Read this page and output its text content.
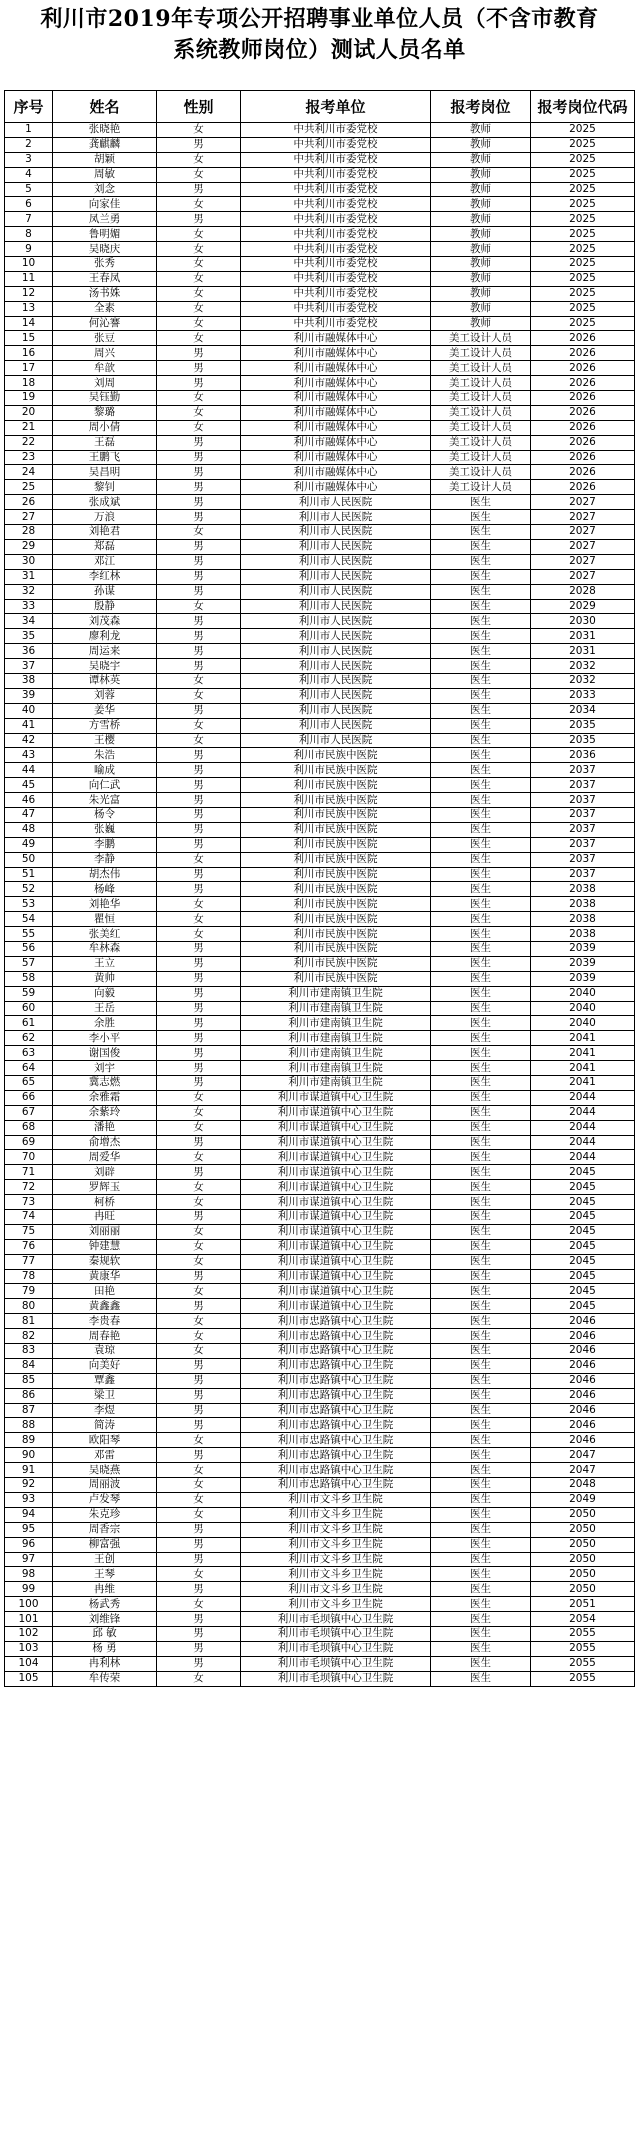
利川市2019年专项公开招聘事业单位人员（不含市教育
系统教师岗位）测试人员名单
序号	姓名	性别	报考单位	报考岗位	报考岗位代码
1	张晓艳	女	中共利川市委党校	教师	2025
2	龚麒麟	男	中共利川市委党校	教师	2025
3	胡颖	女	中共利川市委党校	教师	2025
4	周敏	女	中共利川市委党校	教师	2025
5	刘念	男	中共利川市委党校	教师	2025
6	向家佳	女	中共利川市委党校	教师	2025
7	凤兰勇	男	中共利川市委党校	教师	2025
8	鲁明媚	女	中共利川市委党校	教师	2025
9	吴晓庆	女	中共利川市委党校	教师	2025
10	张秀	女	中共利川市委党校	教师	2025
11	王春凤	女	中共利川市委党校	教师	2025
12	汤书姝	女	中共利川市委党校	教师	2025
13	全素	女	中共利川市委党校	教师	2025
14	何沁謇	女	中共利川市委党校	教师	2025
15	张豆	女	利川市融媒体中心	美工设计人员	2026
16	周兴	男	利川市融媒体中心	美工设计人员	2026
17	牟歆	男	利川市融媒体中心	美工设计人员	2026
18	刘周	男	利川市融媒体中心	美工设计人员	2026
19	吴钰勤	女	利川市融媒体中心	美工设计人员	2026
20	黎璐	女	利川市融媒体中心	美工设计人员	2026
21	周小倩	女	利川市融媒体中心	美工设计人员	2026
22	王磊	男	利川市融媒体中心	美工设计人员	2026
23	王鹏飞	男	利川市融媒体中心	美工设计人员	2026
24	吴昌明	男	利川市融媒体中心	美工设计人员	2026
25	黎钊	男	利川市融媒体中心	美工设计人员	2026
26	张成斌	男	利川市人民医院	医生	2027
27	万浪	男	利川市人民医院	医生	2027
28	刘艳君	女	利川市人民医院	医生	2027
29	郑磊	男	利川市人民医院	医生	2027
30	邓江	男	利川市人民医院	医生	2027
31	李红林	男	利川市人民医院	医生	2027
32	孙谋	男	利川市人民医院	医生	2028
33	殷静	女	利川市人民医院	医生	2029
34	刘茂森	男	利川市人民医院	医生	2030
35	廖利龙	男	利川市人民医院	医生	2031
36	周运来	男	利川市人民医院	医生	2031
37	吴晓宇	男	利川市人民医院	医生	2032
38	谭林英	女	利川市人民医院	医生	2032
39	刘蓉	女	利川市人民医院	医生	2033
40	姜华	男	利川市人民医院	医生	2034
41	方雪桥	女	利川市人民医院	医生	2035
42	王樱	女	利川市人民医院	医生	2035
43	朱浩	男	利川市民族中医院	医生	2036
44	喻成	男	利川市民族中医院	医生	2037
45	向仁武	男	利川市民族中医院	医生	2037
46	朱光富	男	利川市民族中医院	医生	2037
47	杨令	男	利川市民族中医院	医生	2037
48	张巍	男	利川市民族中医院	医生	2037
49	李鹏	男	利川市民族中医院	医生	2037
50	李静	女	利川市民族中医院	医生	2037
51	胡杰伟	男	利川市民族中医院	医生	2037
52	杨峰	男	利川市民族中医院	医生	2038
53	刘艳华	女	利川市民族中医院	医生	2038
54	瞿恒	女	利川市民族中医院	医生	2038
55	张美红	女	利川市民族中医院	医生	2038
56	牟林森	男	利川市民族中医院	医生	2039
57	王立	男	利川市民族中医院	医生	2039
58	黄帅	男	利川市民族中医院	医生	2039
59	向毅	男	利川市建南镇卫生院	医生	2040
60	王岳	男	利川市建南镇卫生院	医生	2040
61	余胜	男	利川市建南镇卫生院	医生	2040
62	李小平	男	利川市建南镇卫生院	医生	2041
63	谢国俊	男	利川市建南镇卫生院	医生	2041
64	刘宇	男	利川市建南镇卫生院	医生	2041
65	冀志燃	男	利川市建南镇卫生院	医生	2041
66	余雅霜	女	利川市谋道镇中心卫生院	医生	2044
67	余紫玲	女	利川市谋道镇中心卫生院	医生	2044
68	潘艳	女	利川市谋道镇中心卫生院	医生	2044
69	俞增杰	男	利川市谋道镇中心卫生院	医生	2044
70	周爱华	女	利川市谋道镇中心卫生院	医生	2044
71	刘辟	男	利川市谋道镇中心卫生院	医生	2045
72	罗辉玉	女	利川市谋道镇中心卫生院	医生	2045
73	柯桥	女	利川市谋道镇中心卫生院	医生	2045
74	冉旺	男	利川市谋道镇中心卫生院	医生	2045
75	刘丽丽	女	利川市谋道镇中心卫生院	医生	2045
76	钟建慧	女	利川市谋道镇中心卫生院	医生	2045
77	秦规软	女	利川市谋道镇中心卫生院	医生	2045
78	黄康华	男	利川市谋道镇中心卫生院	医生	2045
79	田艳	女	利川市谋道镇中心卫生院	医生	2045
80	黄鑫鑫	男	利川市谋道镇中心卫生院	医生	2045
81	李贵春	女	利川市忠路镇中心卫生院	医生	2046
82	周春艳	女	利川市忠路镇中心卫生院	医生	2046
83	袁琼	女	利川市忠路镇中心卫生院	医生	2046
84	向美好	男	利川市忠路镇中心卫生院	医生	2046
85	覃鑫	男	利川市忠路镇中心卫生院	医生	2046
86	梁卫	男	利川市忠路镇中心卫生院	医生	2046
87	李煜	男	利川市忠路镇中心卫生院	医生	2046
88	简涛	男	利川市忠路镇中心卫生院	医生	2046
89	欧阳琴	女	利川市忠路镇中心卫生院	医生	2046
90	邓雷	男	利川市忠路镇中心卫生院	医生	2047
91	吴晓燕	女	利川市忠路镇中心卫生院	医生	2047
92	周丽波	女	利川市忠路镇中心卫生院	医生	2048
93	卢发琴	女	利川市文斗乡卫生院	医生	2049
94	朱克珍	女	利川市文斗乡卫生院	医生	2050
95	周香宗	男	利川市文斗乡卫生院	医生	2050
96	柳富强	男	利川市文斗乡卫生院	医生	2050
97	王创	男	利川市文斗乡卫生院	医生	2050
98	王琴	女	利川市文斗乡卫生院	医生	2050
99	冉维	男	利川市文斗乡卫生院	医生	2050
100	杨武秀	女	利川市文斗乡卫生院	医生	2051
101	刘维锋	男	利川市毛坝镇中心卫生院	医生	2054
102	邱 敏	男	利川市毛坝镇中心卫生院	医生	2055
103	杨 勇	男	利川市毛坝镇中心卫生院	医生	2055
104	冉利林	男	利川市毛坝镇中心卫生院	医生	2055
105	牟传荣	女	利川市毛坝镇中心卫生院	医生	2055
